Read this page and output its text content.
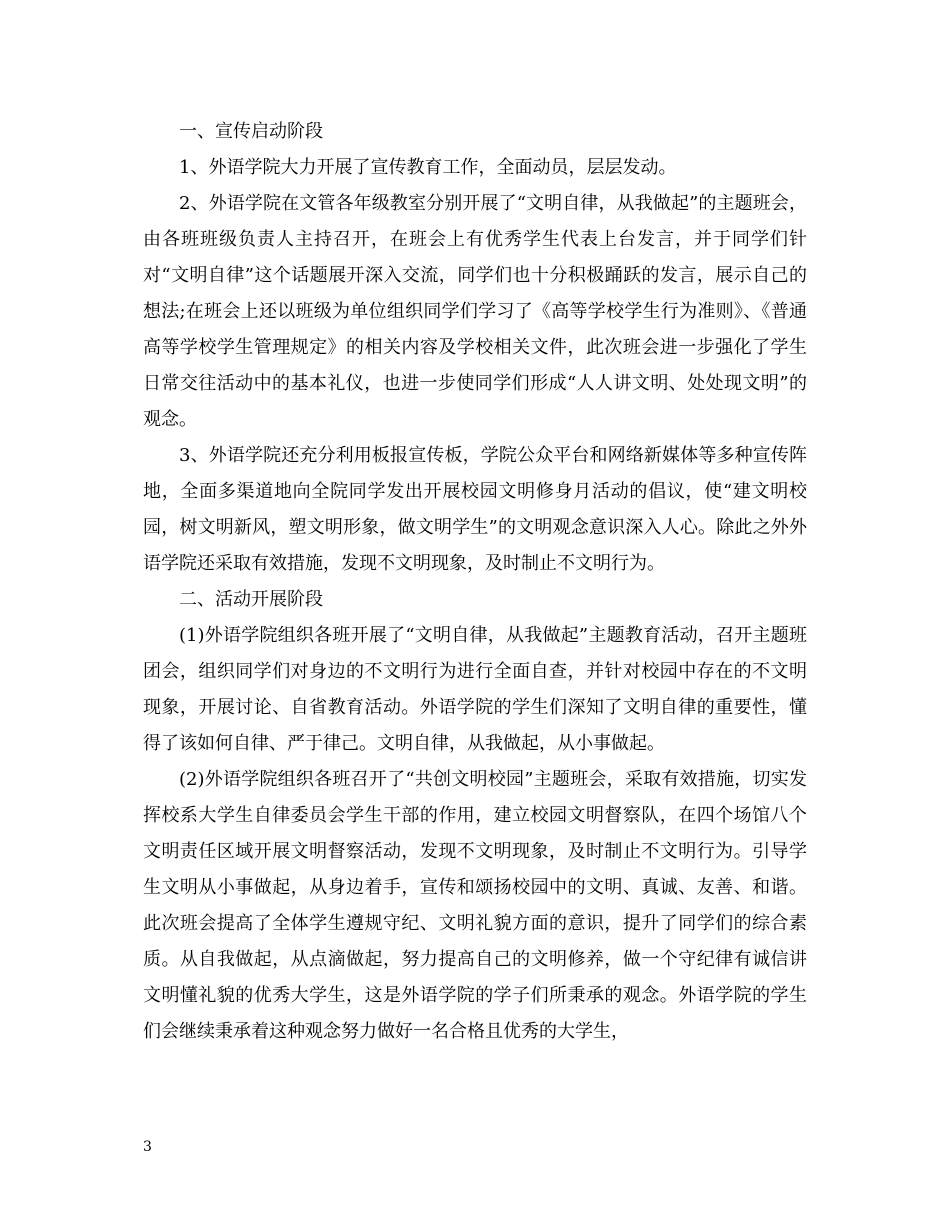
一、宣传启动阶段

1、外语学院大力开展了宣传教育工作，全面动员，层层发动。

2、外语学院在文管各年级教室分别开展了“文明自律，从我做起”的主题班会，由各班班级负责人主持召开，在班会上有优秀学生代表上台发言，并于同学们针对“文明自律”这个话题展开深入交流，同学们也十分积极踊跃的发言，展示自己的想法;在班会上还以班级为单位组织同学们学习了《高等学校学生行为准则》、《普通高等学校学生管理规定》的相关内容及学校相关文件，此次班会进一步强化了学生日常交往活动中的基本礼仪，也进一步使同学们形成“人人讲文明、处处现文明”的观念。

3、外语学院还充分利用板报宣传板，学院公众平台和网络新媒体等多种宣传阵地，全面多渠道地向全院同学发出开展校园文明修身月活动的倡议，使“建文明校园，树文明新风，塑文明形象，做文明学生”的文明观念意识深入人心。除此之外外语学院还采取有效措施，发现不文明现象，及时制止不文明行为。

二、活动开展阶段

(1)外语学院组织各班开展了“文明自律，从我做起”主题教育活动，召开主题班团会，组织同学们对身边的不文明行为进行全面自查，并针对校园中存在的不文明现象，开展讨论、自省教育活动。外语学院的学生们深知了文明自律的重要性，懂得了该如何自律、严于律己。文明自律，从我做起，从小事做起。

(2)外语学院组织各班召开了“共创文明校园”主题班会，采取有效措施，切实发挥校系大学生自律委员会学生干部的作用，建立校园文明督察队，在四个场馆八个文明责任区域开展文明督察活动，发现不文明现象，及时制止不文明行为。引导学生文明从小事做起，从身边着手，宣传和颂扬校园中的文明、真诚、友善、和谐。此次班会提高了全体学生遵规守纪、文明礼貌方面的意识，提升了同学们的综合素质。从自我做起，从点滴做起，努力提高自己的文明修养，做一个守纪律有诚信讲文明懂礼貌的优秀大学生，这是外语学院的学子们所秉承的观念。外语学院的学生们会继续秉承着这种观念努力做好一名合格且优秀的大学生，

3
